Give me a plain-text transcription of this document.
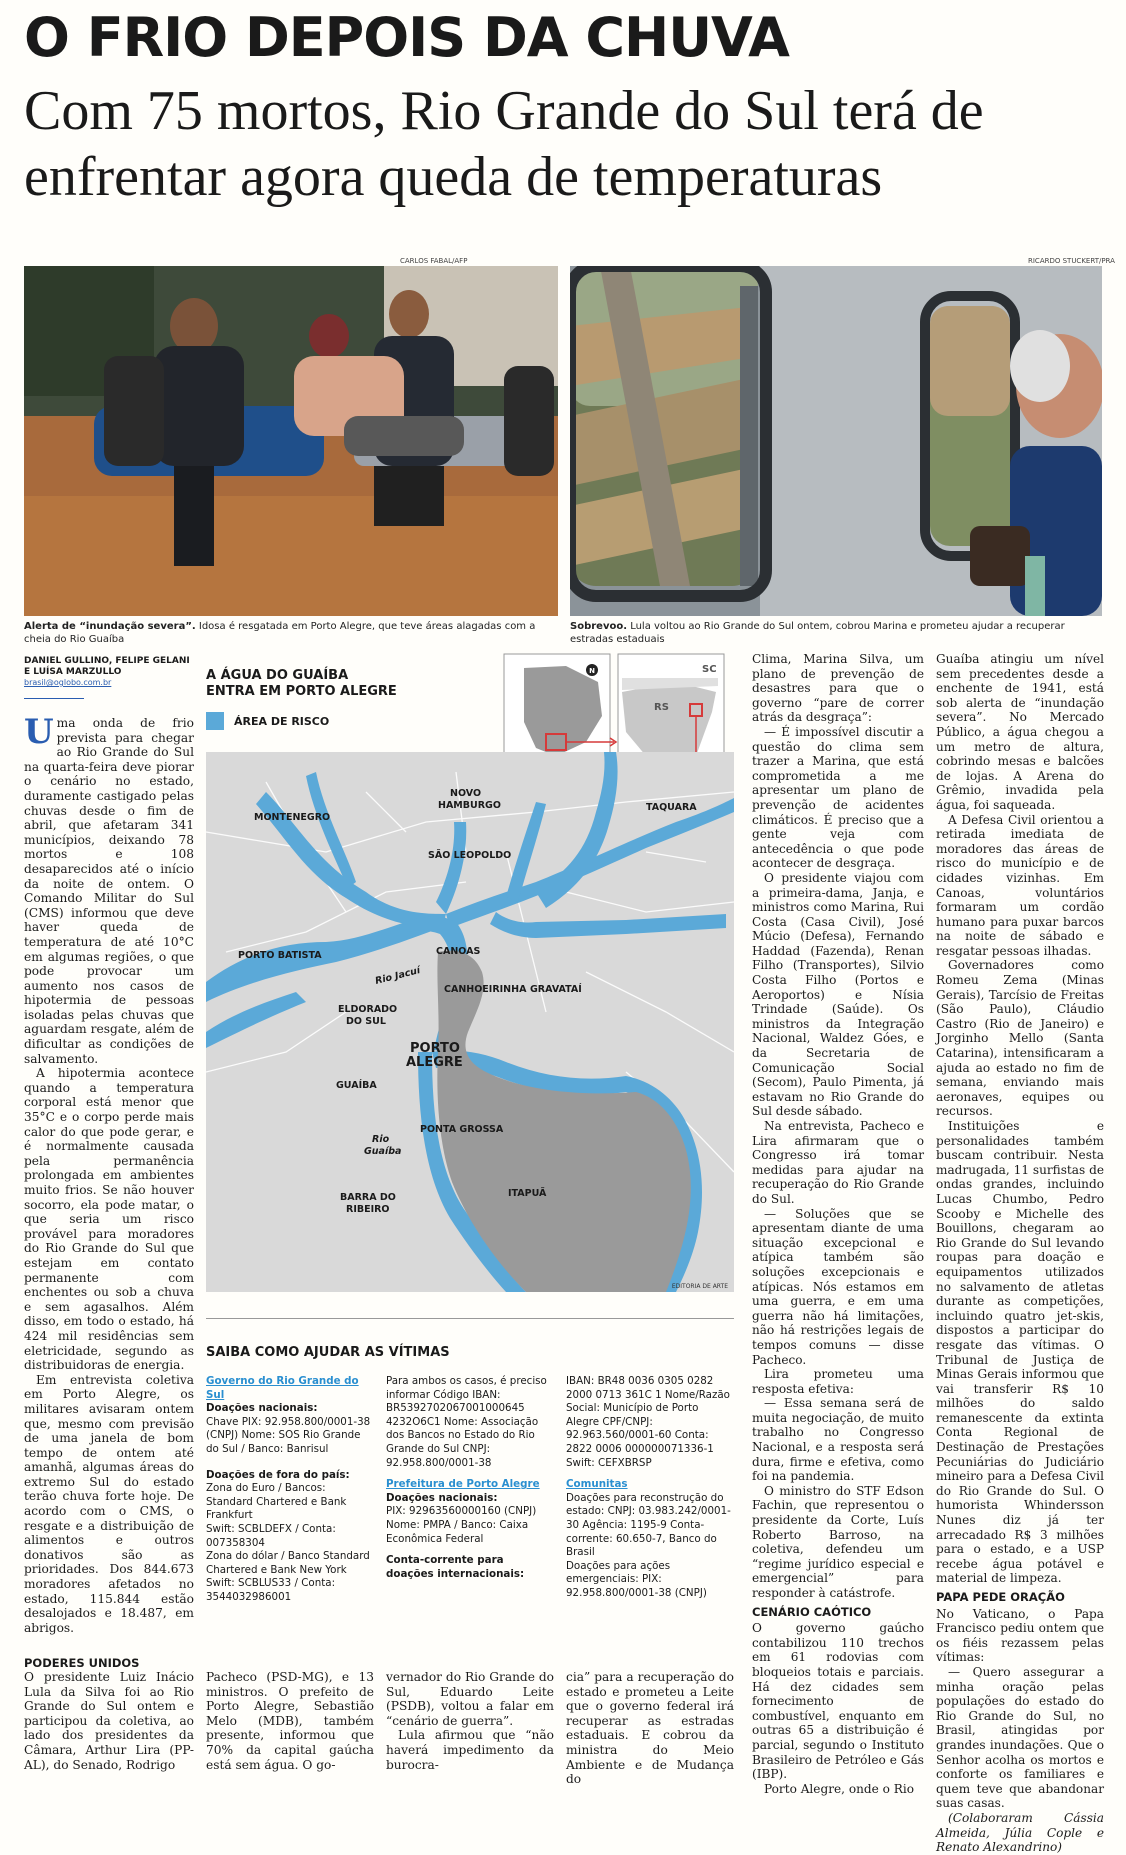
O FRIO DEPOIS DA CHUVA
Com 75 mortos, Rio Grande do Sul terá de enfrentar agora queda de temperaturas
CARLOS FABAL/AFP
Alerta de “inundação severa”. Idosa é resgatada em Porto Alegre, que teve áreas alagadas com a cheia do Rio Guaíba
RICARDO STUCKERT/PRA
Sobrevoo. Lula voltou ao Rio Grande do Sul ontem, cobrou Marina e prometeu ajudar a recuperar estradas estaduais
DANIEL GULLINO, FELIPE GELANI
E LUÍSA MARZULLO
brasil@oglobo.com.br

Uma onda de frio prevista para chegar ao Rio Grande do Sul na quarta-feira deve piorar o cenário no estado, duramente castigado pelas chuvas desde o fim de abril, que afetaram 341 municípios, deixando 78 mortos e 108 desaparecidos até o início da noite de ontem. O Comando Militar do Sul (CMS) informou que deve haver queda de temperatura de até 10°C em algumas regiões, o que pode provocar um aumento nos casos de hipotermia de pessoas isoladas pelas chuvas que aguardam resgate, além de dificultar as condições de salvamento.

A hipotermia acontece quando a temperatura corporal está menor que 35°C e o corpo perde mais calor do que pode gerar, e é normalmente causada pela permanência prolongada em ambientes muito frios. Se não houver socorro, ela pode matar, o que seria um risco provável para moradores do Rio Grande do Sul que estejam em contato permanente com enchentes ou sob a chuva e sem agasalhos. Além disso, em todo o estado, há 424 mil residências sem eletricidade, segundo as distribuidoras de energia.

Em entrevista coletiva em Porto Alegre, os militares avisaram ontem que, mesmo com previsão de uma janela de bom tempo de ontem até amanhã, algumas áreas do extremo Sul do estado terão chuva forte hoje. De acordo com o CMS, o resgate e a distribuição de alimentos e outros donativos são as prioridades. Dos 844.673 moradores afetados no estado, 115.844 estão desalojados e 18.487, em abrigos.

A ÁGUA DO GUAÍBA
ENTRA EM PORTO ALEGRE
ÁREA DE RISCO
N	SC
RS
NOVO HAMBURGO	TAQUARA
MONTENEGRO
SÃO LEOPOLDO
CANOAS
PORTO BATISTA
Rio Jacuí
GRAVATAÍ
CANHOEIRINHA
ELDORADO DO SUL
PORTO ALEGRE
GUAÍBA
PONTA GROSSA
Rio Guaíba
BARRA DO RIBEIRO
ITAPUÃ
EDITORIA DE ARTE
SAIBA COMO AJUDAR AS VÍTIMAS
Governo do Rio Grande do Sul
Doações nacionais:
Chave PIX: 92.958.800/0001-38 (CNPJ) Nome: SOS Rio Grande do Sul / Banco: Banrisul
Doações de fora do país:
Zona do Euro / Bancos: Standard Chartered e Bank Frankfurt
Swift: SCBLDEFX / Conta: 007358304
Zona do dólar / Banco Standard Chartered e Bank New York
Swift: SCBLUS33 / Conta: 3544032986001
Para ambos os casos, é preciso informar Código IBAN: BR5392702067001000645 4232O6C1 Nome: Associação dos Bancos no Estado do Rio Grande do Sul CNPJ: 92.958.800/0001-38
Prefeitura de Porto Alegre
Doações nacionais:
PIX: 92963560000160 (CNPJ) Nome: PMPA / Banco: Caixa Econômica Federal
Conta-corrente para doações internacionais:
IBAN: BR48 0036 0305 0282 2000 0713 361C 1 Nome/Razão Social: Município de Porto Alegre CPF/CNPJ: 92.963.560/0001-60 Conta: 2822 0006 000000071336-1 Swift: CEFXBRSP
Comunitas
Doações para reconstrução do estado: CNPJ: 03.983.242/0001-30 Agência: 1195-9 Conta-corrente: 60.650-7, Banco do Brasil
Doações para ações emergenciais: PIX: 92.958.800/0001-38 (CNPJ)
PODERES UNIDOS

O presidente Luiz Inácio Lula da Silva foi ao Rio Grande do Sul ontem e participou da coletiva, ao lado dos presidentes da Câmara, Arthur Lira (PP-AL), do Senado, Rodrigo

Pacheco (PSD-MG), e 13 ministros. O prefeito de Porto Alegre, Sebastião Melo (MDB), também presente, informou que 70% da capital gaúcha está sem água. O go-

vernador do Rio Grande do Sul, Eduardo Leite (PSDB), voltou a falar em “cenário de guerra”.

Lula afirmou que “não haverá impedimento da burocra-

cia” para a recuperação do estado e prometeu a Leite que o governo federal irá recuperar as estradas estaduais. E cobrou da ministra do Meio Ambiente e de Mudança do

Clima, Marina Silva, um plano de prevenção de desastres para que o governo “pare de correr atrás da desgraça”:

— É impossível discutir a questão do clima sem trazer a Marina, que está comprometida a me apresentar um plano de prevenção de acidentes climáticos. É preciso que a gente veja com antecedência o que pode acontecer de desgraça.

O presidente viajou com a primeira-dama, Janja, e ministros como Marina, Rui Costa (Casa Civil), José Múcio (Defesa), Fernando Haddad (Fazenda), Renan Filho (Transportes), Silvio Costa Filho (Portos e Aeroportos) e Nísia Trindade (Saúde). Os ministros da Integração Nacional, Waldez Góes, e da Secretaria de Comunicação Social (Secom), Paulo Pimenta, já estavam no Rio Grande do Sul desde sábado.

Na entrevista, Pacheco e Lira afirmaram que o Congresso irá tomar medidas para ajudar na recuperação do Rio Grande do Sul.

— Soluções que se apresentam diante de uma situação excepcional e atípica também são soluções excepcionais e atípicas. Nós estamos em uma guerra, e em uma guerra não há limitações, não há restrições legais de tempos comuns — disse Pacheco.

Lira prometeu uma resposta efetiva:

— Essa semana será de muita negociação, de muito trabalho no Congresso Nacional, e a resposta será dura, firme e efetiva, como foi na pandemia.

O ministro do STF Edson Fachin, que representou o presidente da Corte, Luís Roberto Barroso, na coletiva, defendeu um “regime jurídico especial e emergencial” para responder à catástrofe.

CENÁRIO CAÓTICO

O governo gaúcho contabilizou 110 trechos em 61 rodovias com bloqueios totais e parciais. Há dez cidades sem fornecimento de combustível, enquanto em outras 65 a distribuição é parcial, segundo o Instituto Brasileiro de Petróleo e Gás (IBP).

Porto Alegre, onde o Rio

Guaíba atingiu um nível sem precedentes desde a enchente de 1941, está sob alerta de “inundação severa”. No Mercado Público, a água chegou a um metro de altura, cobrindo mesas e balcões de lojas. A Arena do Grêmio, invadida pela água, foi saqueada.

A Defesa Civil orientou a retirada imediata de moradores das áreas de risco do município e de cidades vizinhas. Em Canoas, voluntários formaram um cordão humano para puxar barcos na noite de sábado e resgatar pessoas ilhadas.

Governadores como Romeu Zema (Minas Gerais), Tarcísio de Freitas (São Paulo), Cláudio Castro (Rio de Janeiro) e Jorginho Mello (Santa Catarina), intensificaram a ajuda ao estado no fim de semana, enviando mais aeronaves, equipes ou recursos.

Instituições e personalidades também buscam contribuir. Nesta madrugada, 11 surfistas de ondas grandes, incluindo Lucas Chumbo, Pedro Scooby e Michelle des Bouillons, chegaram ao Rio Grande do Sul levando roupas para doação e equipamentos utilizados no salvamento de atletas durante as competições, incluindo quatro jet-skis, dispostos a participar do resgate das vítimas. O Tribunal de Justiça de Minas Gerais informou que vai transferir R$ 10 milhões do saldo remanescente da extinta Conta Regional de Destinação de Prestações Pecuniárias do Judiciário mineiro para a Defesa Civil do Rio Grande do Sul. O humorista Whindersson Nunes diz já ter arrecadado R$ 3 milhões para o estado, e a USP recebe água potável e material de limpeza.

PAPA PEDE ORAÇÃO

No Vaticano, o Papa Francisco pediu ontem que os fiéis rezassem pelas vítimas:

— Quero assegurar a minha oração pelas populações do estado do Rio Grande do Sul, no Brasil, atingidas por grandes inundações. Que o Senhor acolha os mortos e conforte os familiares e quem teve que abandonar suas casas.

(Colaboraram Cássia Almeida, Júlia Cople e Renato Alexandrino)
